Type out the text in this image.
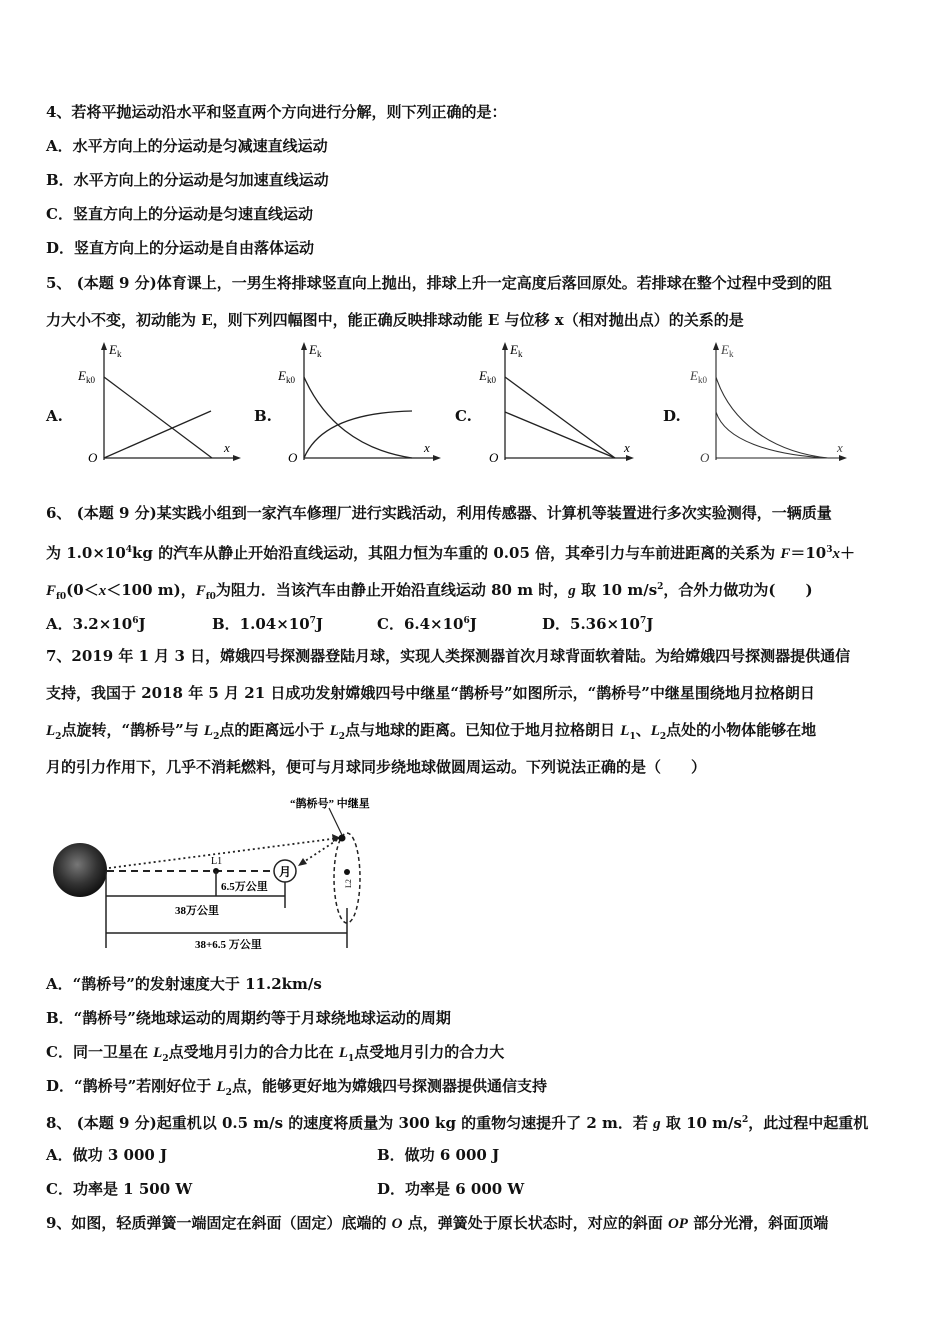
4、若将平抛运动沿水平和竖直两个方向进行分解，则下列正确的是：
A．水平方向上的分运动是匀减速直线运动
B．水平方向上的分运动是匀加速直线运动
C．竖直方向上的分运动是匀速直线运动
D．竖直方向上的分运动是自由落体运动
5、 (本题 9 分)体育课上，一男生将排球竖直向上抛出，排球上升一定高度后落回原处。若排球在整个过程中受到的阻
力大小不变，初动能为 E，则下列四幅图中，能正确反映排球动能 E 与位移 x（相对抛出点）的关系的是
A.
$E_k$
$E_{k0}$
O
x
B.
$E_k$
$E_{k0}$
O
x
C.
$E_k$
$E_{k0}$
O
x
D.
$E_k$
$E_{k0}$
O
x
6、 (本题 9 分)某实践小组到一家汽车修理厂进行实践活动，利用传感器、计算机等装置进行多次实验测得，一辆质量
为 $1.0\times 10^4kg$ 的汽车从静止开始沿直线运动，其阻力恒为车重的 0.05 倍，其牵引力与车前进距离的关系为 $F=10^3x+$
$F_{f0}(0<x<100$ m)，$F_{f0}$为阻力．当该汽车由静止开始沿直线运动 80 m 时，g 取 10 $m/s^2$，合外力做功为(　　)
A．$3.2\times 10^6J$	B．$1.04\times 10^7J$	C．$6.4\times 10^6J$	D．$5.36\times 10^7J$
7、2019 年 1 月 3 日，嫦娥四号探测器登陆月球，实现人类探测器首次月球背面软着陆。为给嫦娥四号探测器提供通信
支持，我国于 2018 年 5 月 21 日成功发射嫦娥四号中继星“鹊桥号”如图所示，“鹊桥号”中继星围绕地月拉格朗日
$L_2$点旋转，“鹊桥号”与 $L_2$点的距离远小于 $L_2$点与地球的距离。已知位于地月拉格朗日 $L_1$、$L_2$点处的小物体能够在地
月的引力作用下，几乎不消耗燃料，便可与月球同步绕地球做圆周运动。下列说法正确的是（　　）
“鹊桥号” 中继星
L1
6.5万公里
月
L2
38万公里
38+6.5 万公里
A．“鹊桥号”的发射速度大于 11.2km/s
B．“鹊桥号”绕地球运动的周期约等于月球绕地球运动的周期
C．同一卫星在 $L_2$点受地月引力的合力比在 $L_1$点受地月引力的合力大
D．“鹊桥号”若刚好位于 $L_2$点，能够更好地为嫦娥四号探测器提供通信支持
8、 (本题 9 分)起重机以 0.5 m/s 的速度将质量为 300 kg 的重物匀速提升了 2 m．若 g 取 10 $m/s^2$，此过程中起重机
A．做功 3 000 J	B．做功 6 000 J
C．功率是 1 500 W	D．功率是 6 000 W
9、如图，轻质弹簧一端固定在斜面（固定）底端的 O 点，弹簧处于原长状态时，对应的斜面 OP 部分光滑，斜面顶端
